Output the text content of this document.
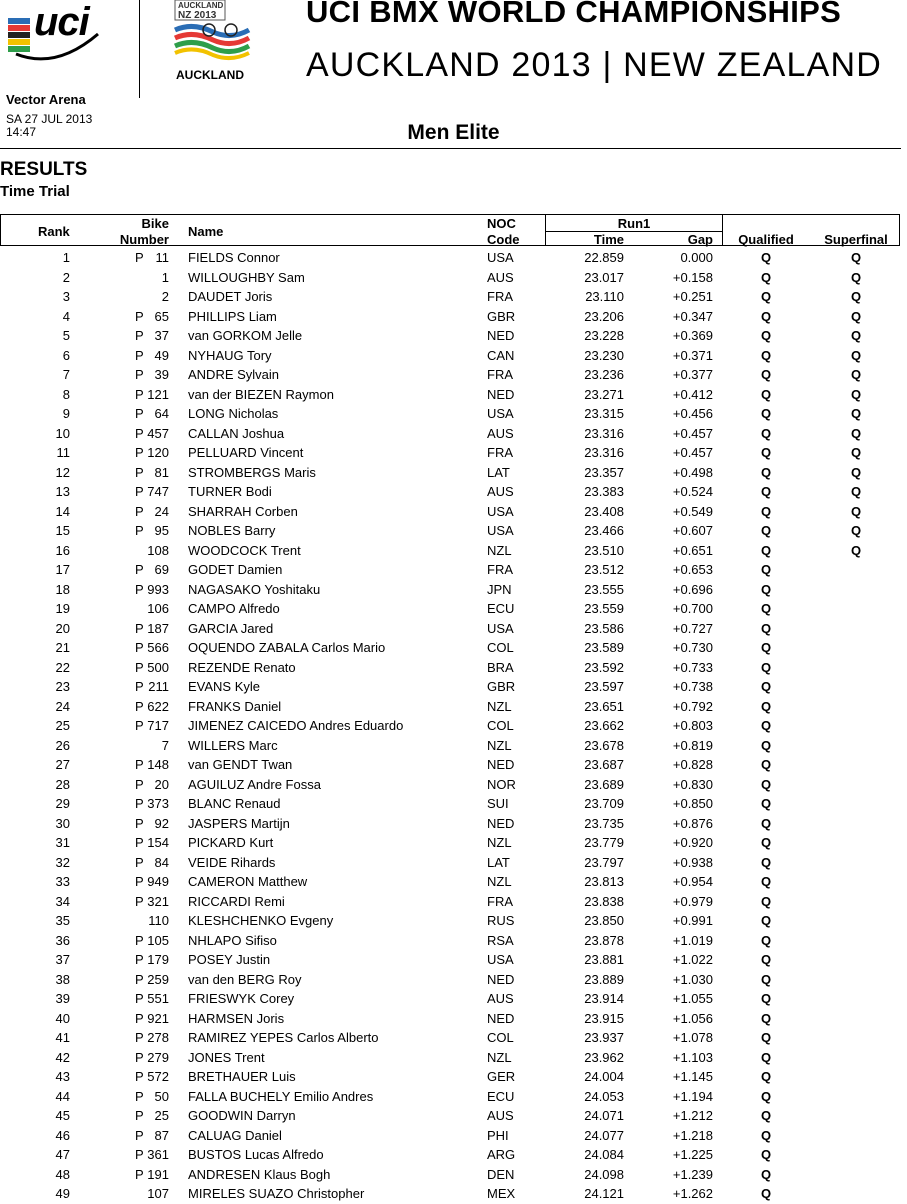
uci	AUCKLAND
NZ 2013
AUCKLAND
UCI BMX WORLD CHAMPIONSHIPS
AUCKLAND 2013 | NEW ZEALAND
Vector Arena
SA 27 JUL 2013
14:47	Men Elite
RESULTS
Time Trial
Rank
Bike
Number
Name
NOC
Code
Run1
Time	Gap Qualified	Superfinal
1	P 11 FIELDS Connor	USA	22.859	0.000	Q	Q
2	1 WILLOUGHBY Sam	AUS	23.017	+0.158	Q	Q
3	2 DAUDET Joris	FRA	23.110	+0.251	Q	Q
4	P 65 PHILLIPS Liam	GBR	23.206	+0.347	Q	Q
5	P 37 van GORKOM Jelle	NED	23.228	+0.369	Q	Q
6	P 49 NYHAUG Tory	CAN	23.230	+0.371	Q	Q
7	P 39 ANDRE Sylvain	FRA	23.236	+0.377	Q	Q
8	P 121 van der BIEZEN Raymon	NED	23.271	+0.412	Q	Q
9	P 64 LONG Nicholas	USA	23.315	+0.456	Q	Q
10	P 457 CALLAN Joshua	AUS	23.316	+0.457	Q	Q
11	P 120 PELLUARD Vincent	FRA	23.316	+0.457	Q	Q
12	P 81 STROMBERGS Maris	LAT	23.357	+0.498	Q	Q
13	P 747 TURNER Bodi	AUS	23.383	+0.524	Q	Q
14	P 24 SHARRAH Corben	USA	23.408	+0.549	Q	Q
15	P 95 NOBLES Barry	USA	23.466	+0.607	Q	Q
16	108 WOODCOCK Trent	NZL	23.510	+0.651	Q	Q
17	P 69 GODET Damien	FRA	23.512	+0.653	Q
18	P 993 NAGASAKO Yoshitaku	JPN	23.555	+0.696	Q
19	106 CAMPO Alfredo	ECU	23.559	+0.700	Q
20	P 187 GARCIA Jared	USA	23.586	+0.727	Q
21	P 566 OQUENDO ZABALA Carlos Mario	COL	23.589	+0.730	Q
22	P 500 REZENDE Renato	BRA	23.592	+0.733	Q
23	P 211 EVANS Kyle	GBR	23.597	+0.738	Q
24	P 622 FRANKS Daniel	NZL	23.651	+0.792	Q
25	P 717 JIMENEZ CAICEDO Andres Eduardo	COL	23.662	+0.803	Q
26	7 WILLERS Marc	NZL	23.678	+0.819	Q
27	P 148 van GENDT Twan	NED	23.687	+0.828	Q
28	P 20 AGUILUZ Andre Fossa	NOR	23.689	+0.830	Q
29	P 373 BLANC Renaud	SUI	23.709	+0.850	Q
30	P 92 JASPERS Martijn	NED	23.735	+0.876	Q
31	P 154 PICKARD Kurt	NZL	23.779	+0.920	Q
32	P 84 VEIDE Rihards	LAT	23.797	+0.938	Q
33	P 949 CAMERON Matthew	NZL	23.813	+0.954	Q
34	P 321 RICCARDI Remi	FRA	23.838	+0.979	Q
35	110 KLESHCHENKO Evgeny	RUS	23.850	+0.991	Q
36	P 105 NHLAPO Sifiso	RSA	23.878	+1.019	Q
37	P 179 POSEY Justin	USA	23.881	+1.022	Q
38	P 259 van den BERG Roy	NED	23.889	+1.030	Q
39	P 551 FRIESWYK Corey	AUS	23.914	+1.055	Q
40	P 921 HARMSEN Joris	NED	23.915	+1.056	Q
41	P 278 RAMIREZ YEPES Carlos Alberto	COL	23.937	+1.078	Q
42	P 279 JONES Trent	NZL	23.962	+1.103	Q
43	P 572 BRETHAUER Luis	GER	24.004	+1.145	Q
44	P 50 FALLA BUCHELY Emilio Andres	ECU	24.053	+1.194	Q
45	P 25 GOODWIN Darryn	AUS	24.071	+1.212	Q
46	P 87 CALUAG Daniel	PHI	24.077	+1.218	Q
47	P 361 BUSTOS Lucas Alfredo	ARG	24.084	+1.225	Q
48	P 191 ANDRESEN Klaus Bogh	DEN	24.098	+1.239	Q
49	107 MIRELES SUAZO Christopher	MEX	24.121	+1.262	Q
